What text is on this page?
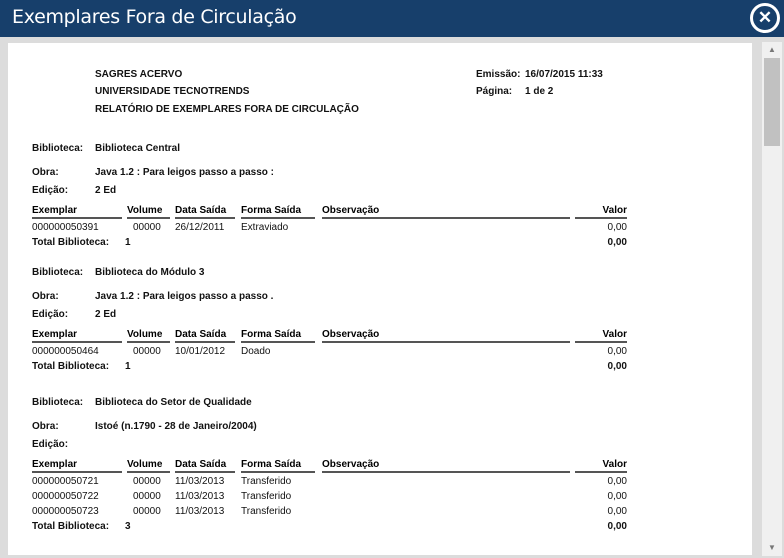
Exemplares Fora de Circulação	✕
SAGRES ACERVO
UNIVERSIDADE TECNOTRENDS
RELATÓRIO DE EXEMPLARES FORA DE CIRCULAÇÃO
Emissão: 16/07/2015 11:33
Página: 1 de 2
Biblioteca: Biblioteca Central
Obra:	Java 1.2 : Para leigos passo a passo :
Edição:	2 Ed
Exemplar	Volume	Data Saída	Forma Saída	Observação	Valor
000000050391	00000 26/12/2011 Extraviado	0,00
Total Biblioteca: 1	0,00
Biblioteca: Biblioteca do Módulo 3
Obra:	Java 1.2 : Para leigos passo a passo .
Edição:	2 Ed
Exemplar	Volume	Data Saída	Forma Saída	Observação	Valor
000000050464	00000 10/01/2012 Doado	0,00
Total Biblioteca: 1	0,00
Biblioteca: Biblioteca do Setor de Qualidade
Obra:	Istoé (n.1790 - 28 de Janeiro/2004)
Edição:
Exemplar	Volume	Data Saída	Forma Saída	Observação	Valor
000000050721	00000 11/03/2013 Transferido	0,00
000000050722	00000 11/03/2013 Transferido	0,00
000000050723	00000 11/03/2013 Transferido	0,00
Total Biblioteca: 3	0,00
▲
▼
